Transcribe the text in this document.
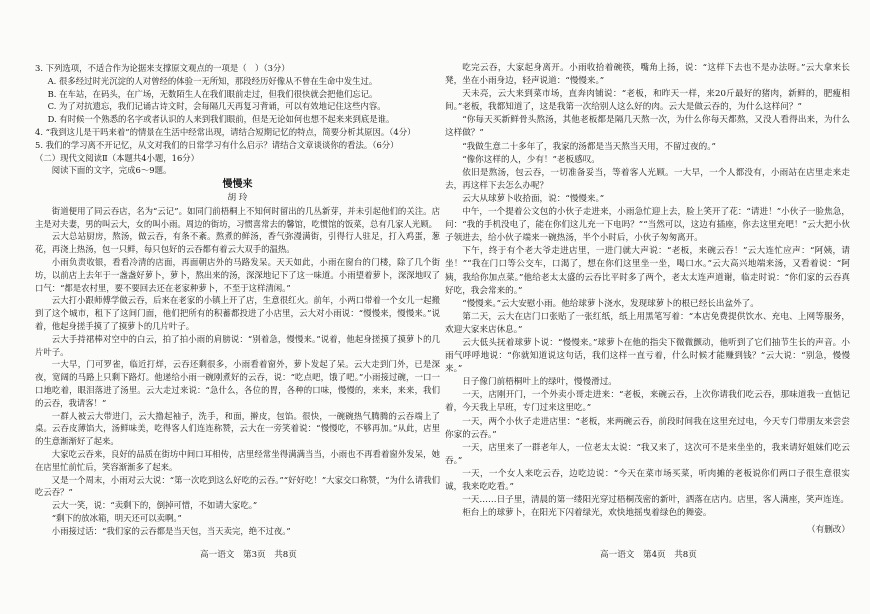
3. 下列选项，不适合作为论据来支撑原文观点的一项是（　）（3分）

A. 很多经过时光沉淀的人对曾经的体验一无所知，那段经历好像从不曾在生命中发生过。

B. 在车站，在码头，在广场，无数陌生人在我们眼前走过，但我们很快就会把他们忘记。

C. 为了对抗遗忘，我们记诵古诗文时，会每隔几天再复习背诵，可以有效地记住这些内容。

D. 有时候一个熟悉的名字或者认识的人来到我们眼前，但是无论如何也想不起来来到底是谁。

4. “我到这儿是干吗来着”的情景在生活中经常出现，请结合短期记忆的特点，简要分析其原因。（4分）

5. 我们的学习离不开记忆，从文对我们的日常学习有什么启示？请结合文章谈谈你的看法。（6分）

（二）现代文阅读Ⅱ（本题共4小题，16分）

阅读下面的文字，完成6～9题。

慢慢来

胡 玲

街道便用了同云吞店，名为“云记”。如同门前梧桐上不知何时留出的几丛新芽，并未引起他们的关注。店主是对夫妻，男的叫云大，女的叫小雨。周边的街坊，习惯喜常去的馨馆，吃惯馆的饭菜，总有几家人光顾。

云大总站厨房，熬汤，做云吞，有条不紊。熬煮的鲜汤，香气弥漫满街，引得行人驻足，打入鸡蛋，葱花，再浇上热汤，包一只鲜，每只包好的云吞都有着云大双手的温热。

小雨负责收银，看看冷清的店面，再面朝店外的马路发呆。天天如此，小雨在窗台的门楼，除了几个街坊，以前店上去年于一盏盏好萝卜，萝卜，熬出来的汤，深深地记下了这一味道。小雨望着萝卜，深深地叹了口气：“都是农村里，要不要回去还在老家种萝卜，不至于这样清闲。”

云大打小跟师傅学做云吞，后来在老家的小镇上开了店，生意很红火。前年，小两口带着一个女儿一起搬到了这个城市，租下了这间门面，他们把所有的积蓄都投进了小店里，云大对小雨说：“慢慢来，慢慢来。”说着，他起身搓手摸了了摸萝卜的几片叶子。

云大手持裙棒对空中的白云，拍了拍小雨的肩膀说：“别着急，慢慢来。”说着，他起身搓摸了摸萝卜的几片叶子。

一大早，门可罗雀，临近打烊，云吞还剩很多，小雨看着窗外，萝卜发起了呆。云大走到门外，已是深夜，宽阔的马路上只剩下路灯。他递给小雨一碗刚煮好的云吞，说：“吃点吧，饿了吧。”小雨接过碗，一口一口地吃着，眼泪落进了汤里。云大走过来说：“急什么，各位的胃，各种的口味，慢慢的，来来，来来，我们的云吞，我请客！”

一群人被云大带进门，云大撸起袖子，洗手，和面，擀皮，包馅。很快，一碗碗热气腾腾的云吞端上了桌。云吞皮薄馅大，汤鲜味美，吃得客人们连连称赞，云大在一旁笑着说：“慢慢吃，不够再加。”从此，店里的生意渐渐好了起来。

大家吃云吞来，良好的品质在街坊中间口耳相传，店里经常坐得满满当当，小雨也不再看着窗外发呆，她在店里忙前忙后，笑容渐渐多了起来。

又是一个周末，小雨对云大说：“第一次吃到这么好吃的云吞。”“好好吃！”大家交口称赞，“为什么请我们吃云吞？”

云大一笑，说：“卖剩下的，倒掉可惜，不如请大家吃。”

“剩下的放冰箱，明天还可以卖啊。”

小雨接过话：“我们家的云吞都是当天包，当天卖完，绝不过夜。”

吃完云吞，大家起身离开。小雨收拾着碗筷，嘴角上扬，说：“这样下去也不是办法呀。”云大拿来长凳，坐在小雨身边，轻声说道：“慢慢来。”

天未亮，云大来到菜市场，直奔肉铺说：“老板，和昨天一样，来20斤最好的猪肉，新鲜的，肥瘦相间。”老板，我都知道了，这是我第一次给别人这么好的肉。云大是做云吞的，为什么这样问？”

“你每天买新鲜骨头熬汤，其他老板都是隔几天熬一次，为什么你每天都熬，又没人看得出来，为什么这样做？”

“我做生意二十多年了，我家的汤都是当天熬当天用，不留过夜的。”

“像你这样的人，少有！”老板感叹。

依旧是熬汤，包云吞，一切准备妥当，等着客人光顾。一大早，一个人都没有，小雨站在店里走来走去，再这样下去怎么办呢？

云大从球萝卜收拾面，说：“慢慢来。”

中午，一个提着公文包的小伙子走进来，小雨急忙迎上去，脸上笑开了花：“请进！”小伙子一脸焦急，问：“我的手机没电了，能在你们这儿充一下电吗？”“当然可以，这边有插座，你去这里充吧！”云大把小伙子领进去，给小伙子端来一碗热汤，半个小时后，小伙子匆匆离开。

下午，终于有个老大爷走进店里，一进门就大声说：“老板，来碗云吞！”云大连忙应声：“阿姨，请坐！”“我在门口等公交车，口渴了，想在你们这里坐一坐，喝口水。”云大高兴地端来汤，又看着说：“阿姨，我给你加点菜。”他给老太太盛的云吞比平时多了两个，老太太连声道谢，临走时说：“你们家的云吞真好吃，我会常来的。”

“慢慢来。”云大安慰小雨。他给球萝卜浇水，发现球萝卜的根已经长出盆外了。

第二天，云大在店门口张贴了一张红纸，纸上用黑笔写着：“本店免费提供饮水、充电、上网等服务，欢迎大家来店休息。”

云大低头抚着球萝卜说：“慢慢来。”球萝卜在他的指尖下微微颤动，他听到了它们抽节生长的声音。小雨气呼呼地说：“你就知道说这句话，我们这样一直亏着，什么时候才能赚到钱？”云大说：“别急，慢慢来。”

日子像门前梧桐叶上的绿叶，慢慢滑过。

一天，店刚开门，一个外卖小哥走进来：“老板，来碗云吞，上次你请我们吃云吞，那味道我一直惦记着，今天我上早班，专门过来这里吃。”

一天，两个小伙子走进店里：“老板，来两碗云吞，前段时间我在这里充过电，今天专门带朋友来尝尝你家的云吞。”

一天，店里来了一群老年人，一位老太太说：“我又来了，这次可不是来坐坐的，我来请好姐妹们吃云吞。”

一天，一个女人来吃云吞，边吃边说：“今天在菜市场买菜，听肉摊的老板说你们两口子很生意很实诚，我来吃吃看。”

一天……日子里，清晨的第一缕阳光穿过梧桐茂密的新叶，洒落在店内。店里，客人满座，笑声连连。

柜台上的球萝卜，在阳光下闪着绿光，欢快地摇曳着绿色的舞姿。

（有删改）

高一语文　第3页　共8页	高一语文　第4页　共8页
